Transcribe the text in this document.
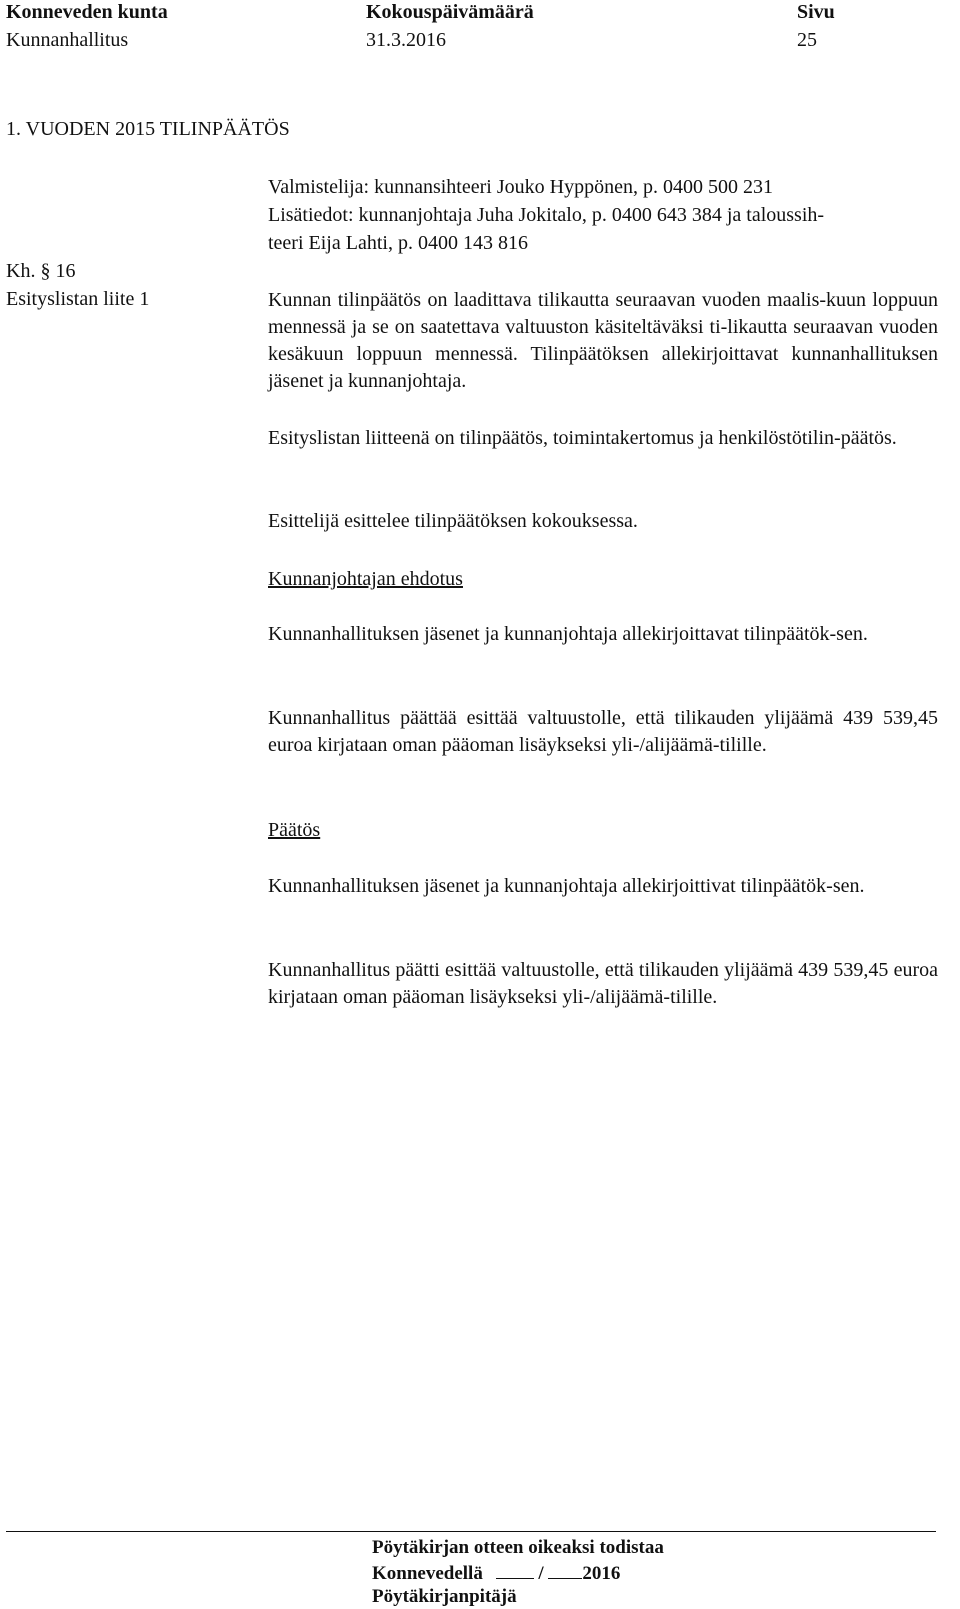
Konneveden kunta
Kunnanhallitus
Kokouspäivämäärä
31.3.2016
Sivu
25
1. VUODEN 2015 TILINPÄÄTÖS
Kh. § 16
Esityslistan liite 1
Valmistelija: kunnansihteeri Jouko Hyppönen, p. 0400 500 231
Lisätiedot: kunnanjohtaja Juha Jokitalo, p. 0400 643 384 ja taloussih-
teeri Eija Lahti, p. 0400 143 816
Kunnan tilinpäätös on laadittava tilikautta seuraavan vuoden maalis-kuun loppuun mennessä ja se on saatettava valtuuston käsiteltäväksi ti-likautta seuraavan vuoden kesäkuun loppuun mennessä. Tilinpäätöksen allekirjoittavat kunnanhallituksen jäsenet ja kunnanjohtaja.
Esityslistan liitteenä on tilinpäätös, toimintakertomus ja henkilöstötilin-päätös.
Esittelijä esittelee tilinpäätöksen kokouksessa.
Kunnanjohtajan ehdotus
Kunnanhallituksen jäsenet ja kunnanjohtaja allekirjoittavat tilinpäätök-sen.
Kunnanhallitus päättää esittää valtuustolle, että tilikauden ylijäämä 439 539,45 euroa kirjataan oman pääoman lisäykseksi yli-/alijäämä-tilille.
Päätös
Kunnanhallituksen jäsenet ja kunnanjohtaja allekirjoittivat tilinpäätök-sen.
Kunnanhallitus päätti esittää valtuustolle, että tilikauden ylijäämä 439 539,45 euroa kirjataan oman pääoman lisäykseksi yli-/alijäämä-tilille.
Pöytäkirjan otteen oikeaksi todistaa
Konnevedellä	/ 2016
Pöytäkirjanpitäjä
